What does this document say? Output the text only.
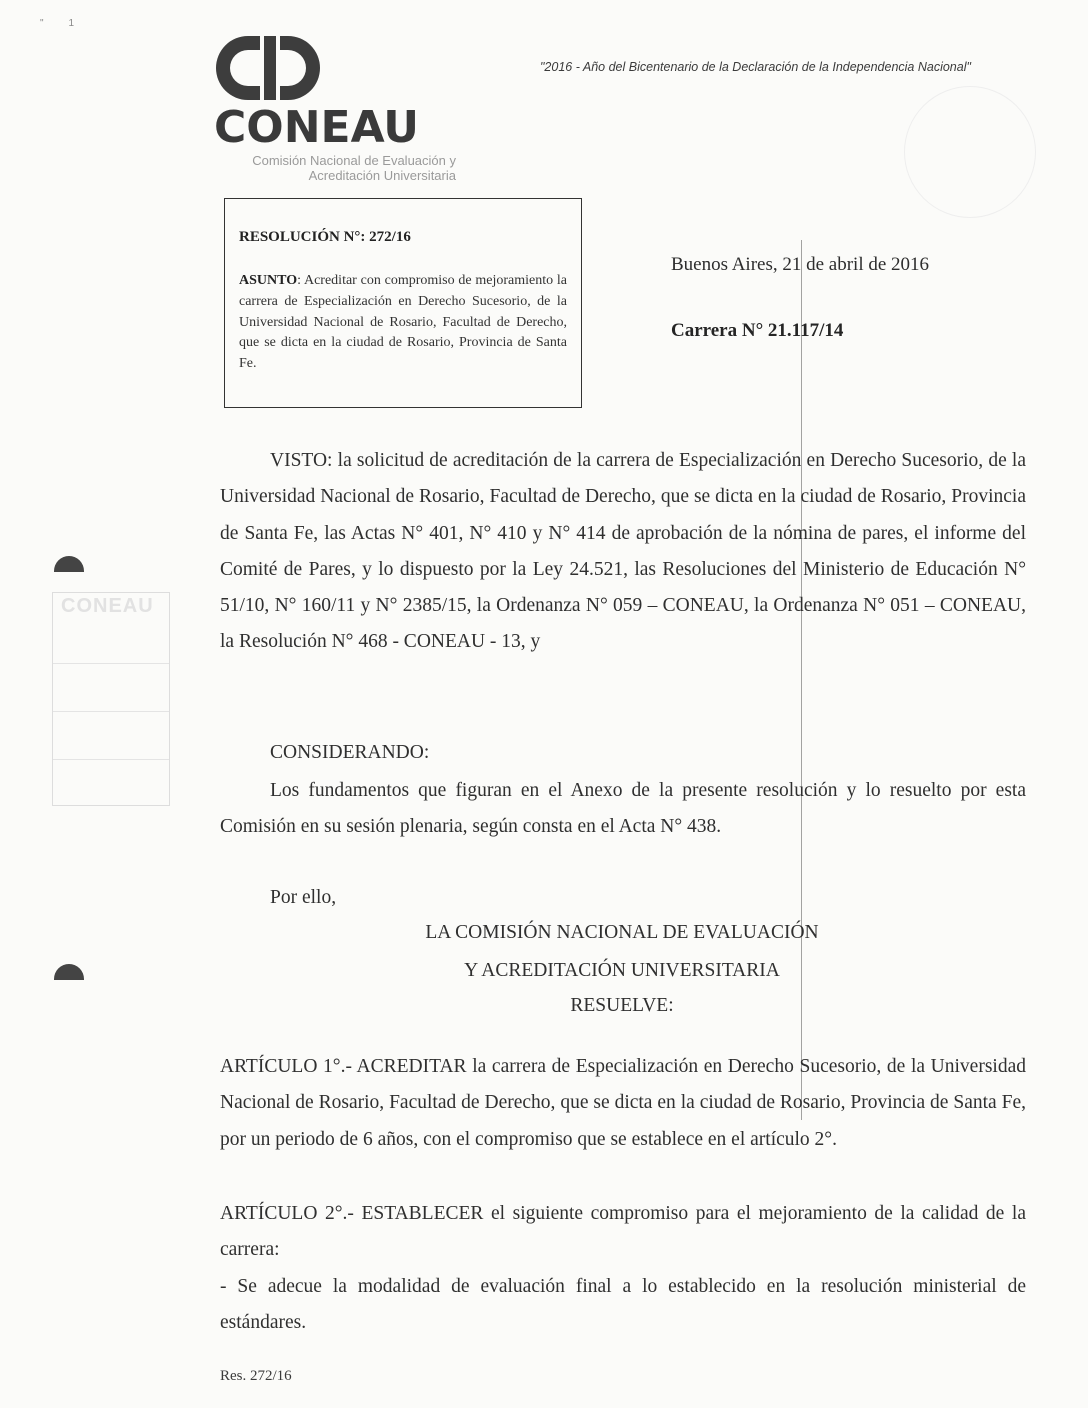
"         1
CONEAU
CONEAU
Comisión Nacional de Evaluación y
Acreditación Universitaria
"2016 - Año del Bicentenario de la Declaración de la Independencia Nacional"
RESOLUCIÓN N°: 272/16
ASUNTO: Acreditar con compromiso de mejoramiento la carrera de Especialización en Derecho Sucesorio, de la Universidad Nacional de Rosario, Facultad de Derecho, que se dicta en la ciudad de Rosario, Provincia de Santa Fe.
Buenos Aires, 21 de abril de 2016
Carrera N° 21.117/14
VISTO: la solicitud de acreditación de la carrera de Especialización en Derecho Sucesorio, de la Universidad Nacional de Rosario, Facultad de Derecho, que se dicta en la ciudad de Rosario, Provincia de Santa Fe, las Actas N° 401, N° 410 y N° 414 de aprobación de la nómina de pares, el informe del Comité de Pares, y lo dispuesto por la Ley 24.521, las Resoluciones del Ministerio de Educación N° 51/10, N° 160/11 y N° 2385/15, la Ordenanza N° 059 – CONEAU, la Ordenanza N° 051 – CONEAU, la Resolución N° 468 - CONEAU - 13, y
CONSIDERANDO:
Los fundamentos que figuran en el Anexo de la presente resolución y lo resuelto por esta Comisión en su sesión plenaria, según consta en el Acta N° 438.
Por ello,
LA COMISIÓN NACIONAL DE EVALUACIÓN
Y ACREDITACIÓN UNIVERSITARIA
RESUELVE:
ARTÍCULO 1°.- ACREDITAR la carrera de Especialización en Derecho Sucesorio, de la Universidad Nacional de Rosario, Facultad de Derecho, que se dicta en la ciudad de Rosario, Provincia de Santa Fe, por un periodo de 6 años, con el compromiso que se establece en el artículo 2°.
ARTÍCULO 2°.- ESTABLECER el siguiente compromiso para el mejoramiento de la calidad de la carrera:
- Se adecue la modalidad de evaluación final a lo establecido en la resolución ministerial de estándares.
Res. 272/16
